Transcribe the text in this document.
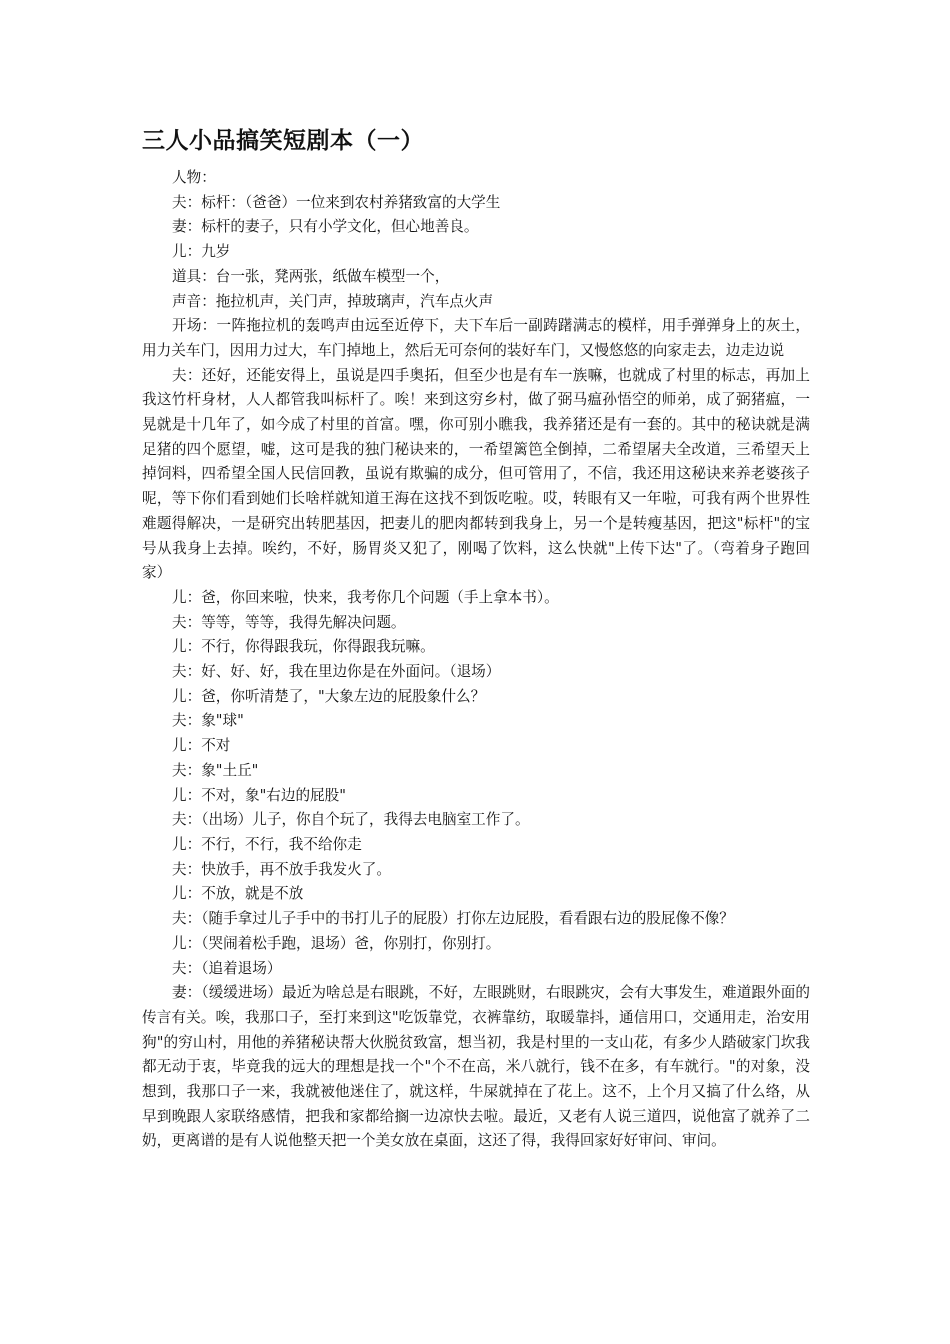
三人小品搞笑短剧本（一）

人物：

夫：标杆：（爸爸）一位来到农村养猪致富的大学生

妻：标杆的妻子，只有小学文化，但心地善良。

儿：九岁

道具：台一张，凳两张，纸做车模型一个，

声音：拖拉机声，关门声，掉玻璃声，汽车点火声

开场：一阵拖拉机的轰鸣声由远至近停下，夫下车后一副踌躇满志的模样，用手弹弹身上的灰土，用力关车门，因用力过大，车门掉地上，然后无可奈何的装好车门，又慢悠悠的向家走去，边走边说

夫：还好，还能安得上，虽说是四手奥拓，但至少也是有车一族嘛，也就成了村里的标志，再加上我这竹杆身材，人人都管我叫标杆了。唉！来到这穷乡村，做了弼马瘟孙悟空的师弟，成了弼猪瘟，一晃就是十几年了，如今成了村里的首富。嘿，你可别小瞧我，我养猪还是有一套的。其中的秘诀就是满足猪的四个愿望，嘘，这可是我的独门秘诀来的，一希望篱笆全倒掉，二希望屠夫全改道，三希望天上掉饲料，四希望全国人民信回教，虽说有欺骗的成分，但可管用了，不信，我还用这秘诀来养老婆孩子呢，等下你们看到她们长啥样就知道王海在这找不到饭吃啦。哎，转眼有又一年啦，可我有两个世界性难题得解决，一是研究出转肥基因，把妻儿的肥肉都转到我身上，另一个是转瘦基因，把这"标杆"的宝号从我身上去掉。唉约，不好，肠胃炎又犯了，刚喝了饮料，这么快就"上传下达"了。（弯着身子跑回家）

儿：爸，你回来啦，快来，我考你几个问题（手上拿本书）。

夫：等等，等等，我得先解决问题。

儿：不行，你得跟我玩，你得跟我玩嘛。

夫：好、好、好，我在里边你是在外面问。（退场）

儿：爸，你听清楚了，"大象左边的屁股象什么？

夫：象"球"

儿：不对

夫：象"土丘"

儿：不对，象"右边的屁股"

夫：（出场）儿子，你自个玩了，我得去电脑室工作了。

儿：不行，不行，我不给你走

夫：快放手，再不放手我发火了。

儿：不放，就是不放

夫：（随手拿过儿子手中的书打儿子的屁股）打你左边屁股，看看跟右边的股屁像不像？

儿：（哭闹着松手跑，退场）爸，你别打，你别打。

夫：（追着退场）

妻：（缓缓进场）最近为啥总是右眼跳，不好，左眼跳财，右眼跳灾，会有大事发生，难道跟外面的传言有关。唉，我那口子，至打来到这"吃饭靠党，衣裤靠纺，取暖靠抖，通信用口，交通用走，治安用狗"的穷山村，用他的养猪秘诀帮大伙脱贫致富，想当初，我是村里的一支山花，有多少人踏破家门坎我都无动于衷，毕竟我的远大的理想是找一个"个不在高，米八就行，钱不在多，有车就行。"的对象，没想到，我那口子一来，我就被他迷住了，就这样，牛屎就掉在了花上。这不，上个月又搞了什么络，从早到晚跟人家联络感情，把我和家都给搁一边凉快去啦。最近，又老有人说三道四，说他富了就养了二奶，更离谱的是有人说他整天把一个美女放在桌面，这还了得，我得回家好好审问、审问。
